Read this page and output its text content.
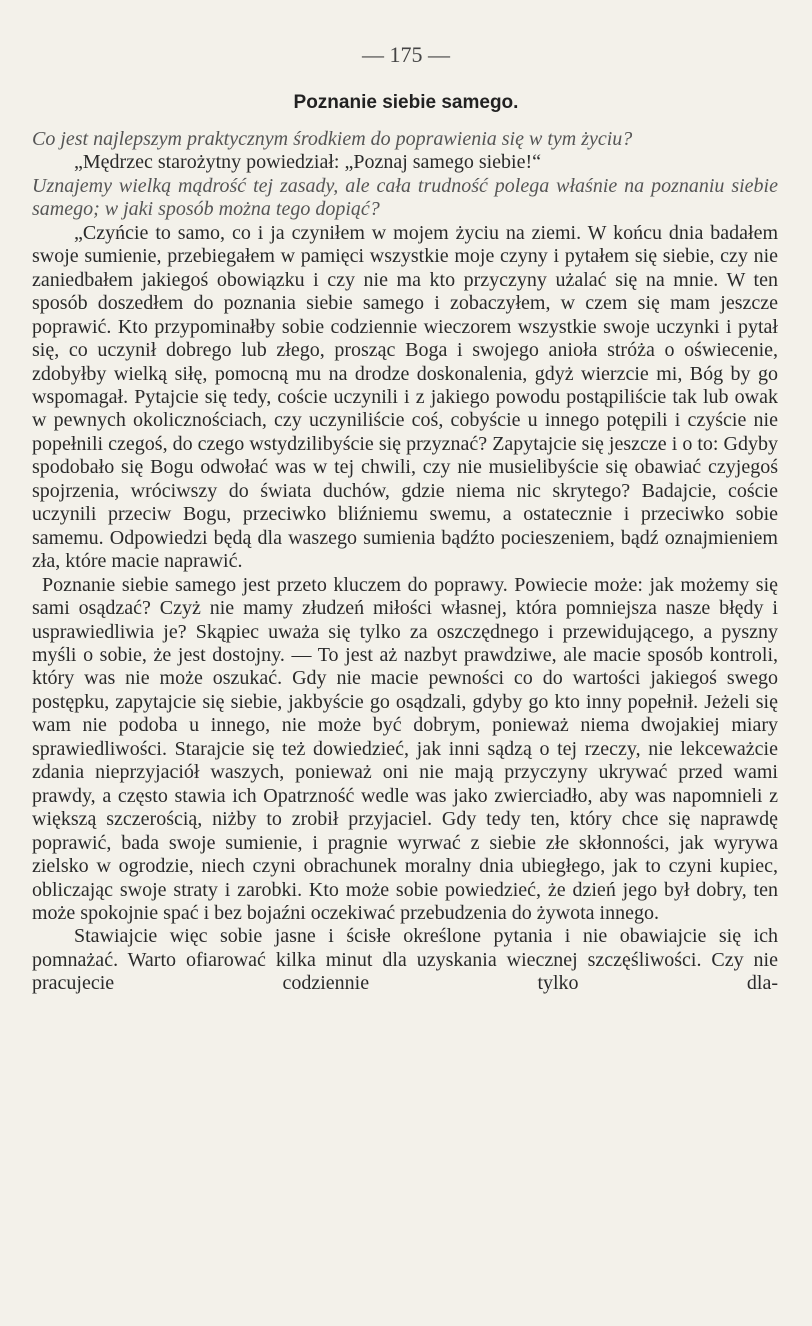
— 175 —
Poznanie siebie samego.

Co jest najlepszym praktycznym środkiem do poprawienia się w tym życiu?

„Mędrzec starożytny powiedział: „Poznaj samego siebie!“

Uznajemy wielką mądrość tej zasady, ale cała trudność polega właśnie na poznaniu siebie samego; w jaki sposób można tego dopiąć?

„Czyńcie to samo, co i ja czyniłem w mojem życiu na ziemi. W końcu dnia badałem swoje sumienie, przebiegałem w pamięci wszystkie moje czyny i pytałem się siebie, czy nie zaniedbałem jakiegoś obowiązku i czy nie ma kto przyczyny użalać się na mnie. W ten sposób doszedłem do poznania siebie samego i zobaczyłem, w czem się mam jeszcze poprawić. Kto przypominałby sobie codziennie wieczorem wszystkie swoje uczynki i pytał się, co uczynił dobrego lub złego, prosząc Boga i swojego anioła stróża o oświecenie, zdobyłby wielką siłę, pomocną mu na drodze doskonalenia, gdyż wierzcie mi, Bóg by go wspomagał. Pytajcie się tedy, coście uczynili i z jakiego powodu postąpiliście tak lub owak w pewnych okolicznościach, czy uczyniliście coś, cobyście u innego potępili i czyście nie popełnili czegoś, do czego wstydzilibyście się przyznać? Zapytajcie się jeszcze i o to: Gdyby spodobało się Bogu odwołać was w tej chwili, czy nie musielibyście się obawiać czyjegoś spojrzenia, wróciwszy do świata duchów, gdzie niema nic skrytego? Badajcie, coście uczynili przeciw Bogu, przeciwko bliźniemu swemu, a ostatecznie i przeciwko sobie samemu. Odpowiedzi będą dla waszego sumienia bądźto pocieszeniem, bądź oznajmieniem zła, które macie naprawić.

Poznanie siebie samego jest przeto kluczem do poprawy. Powiecie może: jak możemy się sami osądzać? Czyż nie mamy złudzeń miłości własnej, która pomniejsza nasze błędy i usprawiedliwia je? Skąpiec uważa się tylko za oszczędnego i przewidującego, a pyszny myśli o sobie, że jest dostojny. — To jest aż nazbyt prawdziwe, ale macie sposób kontroli, który was nie może oszukać. Gdy nie macie pewności co do wartości jakiegoś swego postępku, zapytajcie się siebie, jakbyście go osądzali, gdyby go kto inny popełnił. Jeżeli się wam nie podoba u innego, nie może być dobrym, ponieważ niema dwojakiej miary sprawiedliwości. Starajcie się też dowiedzieć, jak inni sądzą o tej rzeczy, nie lekceważcie zdania nieprzyjaciół waszych, ponieważ oni nie mają przyczyny ukrywać przed wami prawdy, a często stawia ich Opatrzność wedle was jako zwierciadło, aby was napomnieli z większą szczerością, niżby to zrobił przyjaciel. Gdy tedy ten, który chce się naprawdę poprawić, bada swoje sumienie, i pragnie wyrwać z siebie złe skłonności, jak wyrywa zielsko w ogrodzie, niech czyni obrachunek moralny dnia ubiegłego, jak to czyni kupiec, obliczając swoje straty i zarobki. Kto może sobie powiedzieć, że dzień jego był dobry, ten może spokojnie spać i bez bojaźni oczekiwać przebudzenia do żywota innego.

Stawiajcie więc sobie jasne i ścisłe określone pytania i nie obawiajcie się ich pomnażać. Warto ofiarować kilka minut dla uzyskania wiecznej szczęśliwości. Czy nie pracujecie codziennie tylko dla-
